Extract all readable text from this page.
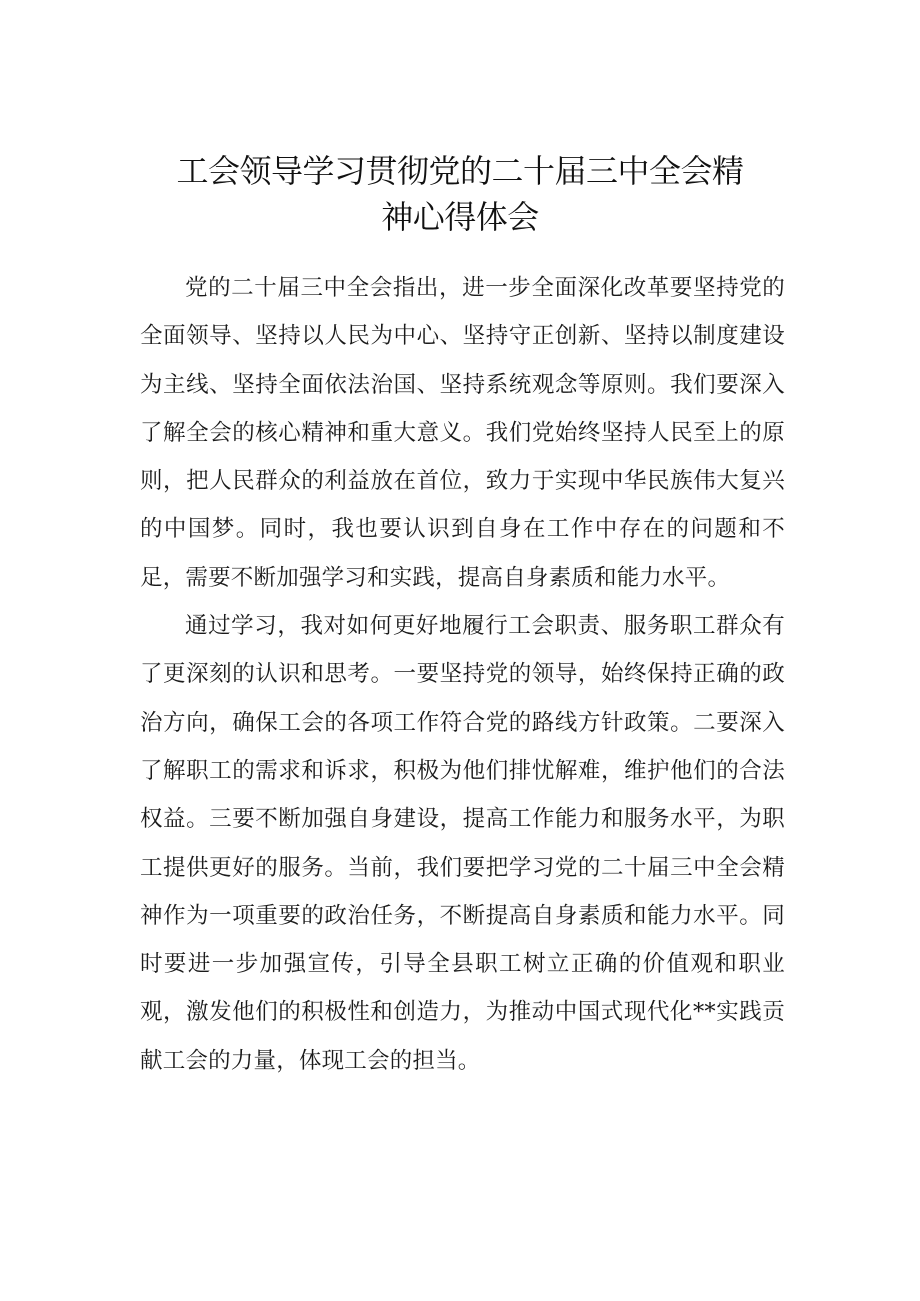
工会领导学习贯彻党的二十届三中全会精
神心得体会

党的二十届三中全会指出，进一步全面深化改革要坚持党的全面领导、坚持以人民为中心、坚持守正创新、坚持以制度建设为主线、坚持全面依法治国、坚持系统观念等原则。我们要深入了解全会的核心精神和重大意义。我们党始终坚持人民至上的原则，把人民群众的利益放在首位，致力于实现中华民族伟大复兴的中国梦。同时，我也要认识到自身在工作中存在的问题和不足，需要不断加强学习和实践，提高自身素质和能力水平。

通过学习，我对如何更好地履行工会职责、服务职工群众有了更深刻的认识和思考。一要坚持党的领导，始终保持正确的政治方向，确保工会的各项工作符合党的路线方针政策。二要深入了解职工的需求和诉求，积极为他们排忧解难，维护他们的合法权益。三要不断加强自身建设，提高工作能力和服务水平，为职工提供更好的服务。当前，我们要把学习党的二十届三中全会精神作为一项重要的政治任务，不断提高自身素质和能力水平。同时要进一步加强宣传，引导全县职工树立正确的价值观和职业观，激发他们的积极性和创造力，为推动中国式现代化**实践贡献工会的力量，体现工会的担当。
